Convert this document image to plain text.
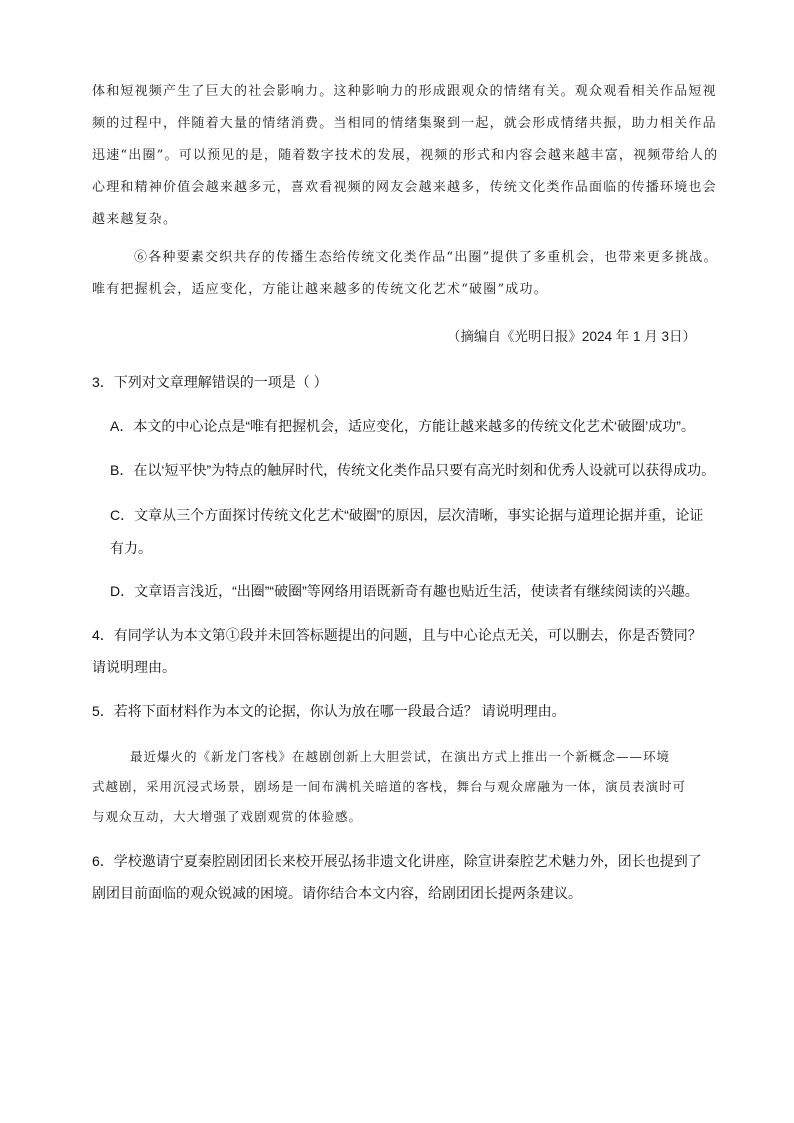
体和短视频产生了巨大的社会影响力。这种影响力的形成跟观众的情绪有关。观众观看相关作品短视
频的过程中，伴随着大量的情绪消费。当相同的情绪集聚到一起，就会形成情绪共振，助力相关作品
迅速“出圈”。可以预见的是，随着数字技术的发展，视频的形式和内容会越来越丰富，视频带给人的
心理和精神价值会越来越多元，喜欢看视频的网友会越来越多，传统文化类作品面临的传播环境也会
越来越复杂。
⑥各种要素交织共存的传播生态给传统文化类作品“出圈”提供了多重机会，也带来更多挑战。
唯有把握机会，适应变化，方能让越来越多的传统文化艺术“破圈”成功。
（摘编自《光明日报》2024 年 1 月 3日）
3．下列对文章理解错误的一项是（ ）
A．本文的中心论点是“唯有把握机会，适应变化，方能让越来越多的传统文化艺术‘破圈’成功”。
B．在以‘短平快”为特点的触屏时代，传统文化类作品只要有高光时刻和优秀人设就可以获得成功。
C．文章从三个方面探讨传统文化艺术“破圈”的原因，层次清晰，事实论据与道理论据并重，论证
有力。
D．文章语言浅近，“出圈”“破圈”等网络用语既新奇有趣也贴近生活，使读者有继续阅读的兴趣。
4．有同学认为本文第①段并未回答标题提出的问题，且与中心论点无关，可以删去，你是否赞同？
请说明理由。
5．若将下面材料作为本文的论据，你认为放在哪一段最合适？ 请说明理由。
最近爆火的《新龙门客栈》在越剧创新上大胆尝试，在演出方式上推出一个新概念——环境
式越剧，采用沉浸式场景，剧场是一间布满机关暗道的客栈，舞台与观众席融为一体，演员表演时可
与观众互动，大大增强了戏剧观赏的体验感。
6．学校邀请宁夏秦腔剧团团长来校开展弘扬非遗文化讲座，除宣讲秦腔艺术魅力外，团长也提到了
剧团目前面临的观众锐减的困境。请你结合本文内容，给剧团团长提两条建议。
